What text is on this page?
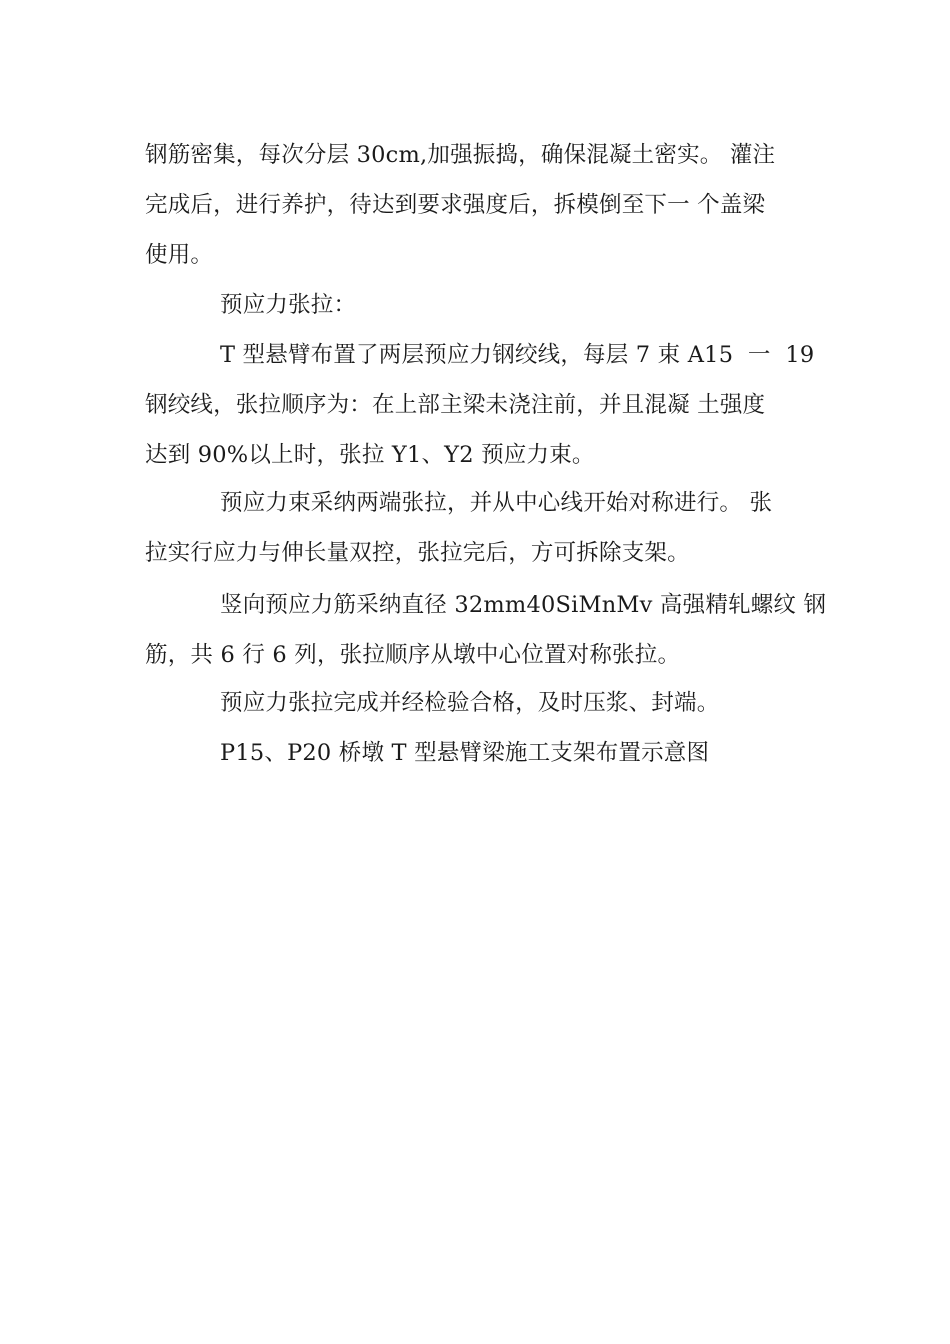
钢筋密集，每次分层 30cm,加强振捣，确保混凝土密实。 灌注
完成后，进行养护，待达到要求强度后，拆模倒至下一 个盖梁
使用。
预应力张拉：
T 型悬臂布置了两层预应力钢绞线，每层 7 束 A15  一  19
钢绞线，张拉顺序为：在上部主梁未浇注前，并且混凝 土强度
达到 90%以上时，张拉 Y1、Y2 预应力束。
预应力束采纳两端张拉，并从中心线开始对称进行。 张
拉实行应力与伸长量双控，张拉完后，方可拆除支架。
竖向预应力筋采纳直径 32mm40SiMnMv 高强精轧螺纹 钢
筋，共 6 行 6 列，张拉顺序从墩中心位置对称张拉。
预应力张拉完成并经检验合格，及时压浆、封端。
P15、P20 桥墩 T 型悬臂梁施工支架布置示意图
